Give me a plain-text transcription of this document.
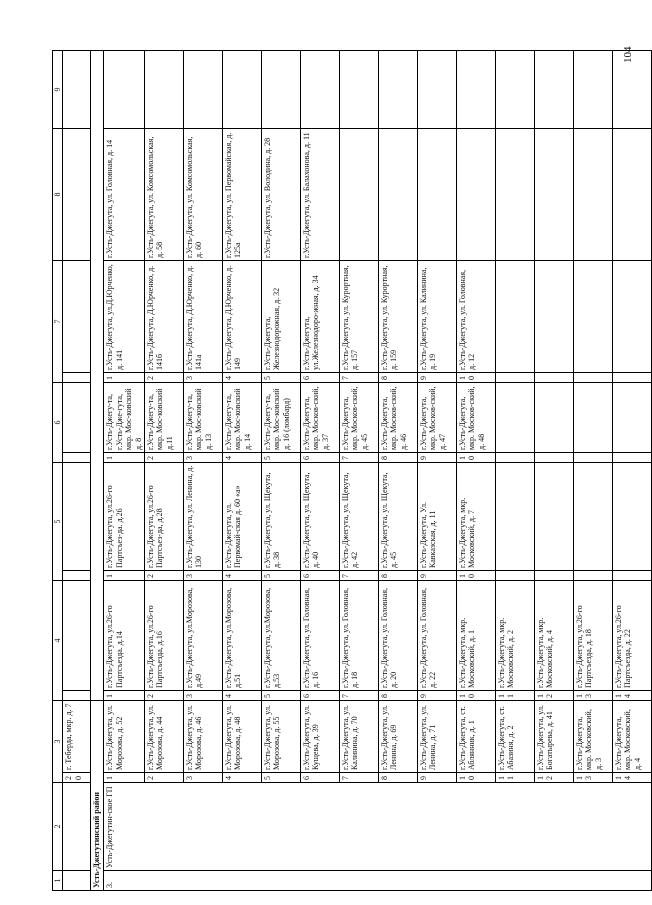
104
1	2	3		4		5		6		7		8	9
		20	г. Теберда, мкр. д. 7										
Усть-Джегутинский район													
3.	Усть-Джегутин-ское ГП	1	г.Усть-Джегута, ул. Морозова, д. 52	1	г.Усть-Джегута, ул.26-го Партсъезда. д.14	1	г.Усть-Джегута, ул.26-го Партсъез-да. д.26	1	г.Усть-Джегу-та, г.Усть-Дже-гута, мкр. Мос-ковский д. 8	1	г.Усть-Джегута, ул.Д.Юрченко, д. 141	г.Усть-Джегута, ул. Головная, д. 14	
		2	г.Усть-Джегута, ул. Морозова, д. 44	2	г.Усть-Джегута, ул.26-го Партсъезда, д.16	2	г.Усть-Джегута, ул.26-го Партсъез-да, д.28	2	г.Усть-Джегу-та, мкр. Мос-ковский д.11	2	г.Усть-Джегута, Д.Юрченко, д. 141б	г.Усть-Джегута, ул. Комсомольская, д. 58	
		3	г.Усть-Джегута, ул. Морозова, д. 46	3	г.Усть-Джегута, ул.Морозова, д.49	3	г.Усть-Джегута, ул. Ленина, д. 130	3	г.Усть-Джегу-та, мкр. Мос-ковский д. 13	3	г.Усть-Джегута, Д.Юрченко, д. 141а	г.Усть-Джегута, ул. Комсомольская, д. 60	
		4	г.Усть-Джегута, ул. Морозова, д. 48	4	г.Усть-Джегута, ул.Морозова, д.51	4	г.Усть-Джегута, ул. Первомай-ская д. 60 «а»	4	г.Усть-Джегу-та, мкр. Мос-ковский д. 14	4	г.Усть-Джегута, Д.Юрченко, д. 149	г.Усть-Джегута, ул. Первомайская, д. 125а	
		5	г.Усть-Джегута, ул. Морозова, д. 55	5	г.Усть-Джегута, ул.Морозова, д.53	5	г.Усть-Джегута, ул. Щекута, д. 38	5	г.Усть-Джегу-та, мкр. Мос-ковский д. 16 (ломбард)	5	г.Усть-Джегута, Железнодорожная, д. 32	г.Усть-Джегута, ул. Володина, д. 28	
		6	г.Усть-Джегута, ул. Кущева, д. 39	6	г.Усть-Джегута, ул. Головная, д. 16	6	г.Усть-Джегута, ул. Щекута, д. 40	6	г.Усть-Джегута, мкр. Москов-ский, д. 37	6	г.Усть-Джегута, ул.Железнодоро-жная, д. 34	г.Усть-Джегута, ул. Балахонова, д. 11	
		7	г.Усть-Джегута, ул. Калинина, д. 70	7	г.Усть-Джегута, ул. Головная, д. 18	7	г.Усть-Джегута, ул. Щекута, д. 42	7	г.Усть-Джегута, мкр. Москов-ский, д. 45	7	г.Усть-Джегута, ул. Курортная, д. 157		
		8	г.Усть-Джегута, ул. Ленина, д. 69	8	г.Усть-Джегута, ул. Головная, д. 20	8	г.Усть-Джегута, ул. Щекута, д. 45	8	г.Усть-Джегута, мкр. Москов-ский, д. 46	8	г.Усть-Джегута, ул. Курортная, д. 159		
		9	г.Усть-Джегута, ул. Ленина, д. 71	9	г.Усть-Джегута, ул. Головная, д. 22	9	г.Усть-Джегута, Ул. Кавказская, д. 11	9	г.Усть-Джегута, мкр. Москов-ский, д. 47	9	г.Усть-Джегута, ул. Калинина, д. 19		
		10	г.Усть-Джегута, ст. Аблянник, д. 1	10	г.Усть-Джегута, мкр. Московский, д. 1	10	г.Усть-Джегута, мкр. Московский, д. 7	10	г.Усть-Джегута, мкр. Москов-ский, д. 48	10	г.Усть-Джегута, ул. Головная, д. 12		
		11	г.Усть-Джегута, ст. Абазиня, д. 2	11	г.Усть-Джегута, мкр. Московский, д. 2								
		12	г.Усть-Джегута, ул. Богатырева, д. 41	12	г.Усть-Джегута, мкр. Московский, д. 4								
		13	г.Усть-Джегута, мкр. Московский, д. 3	13	г.Усть-Джегута, ул.26-го Партсъезда, д. 18								
		14	г.Усть-Джегута, мкр. Московский, д. 4	14	г.Усть-Джегута, ул.26-го Партсъезда, д. 22								
